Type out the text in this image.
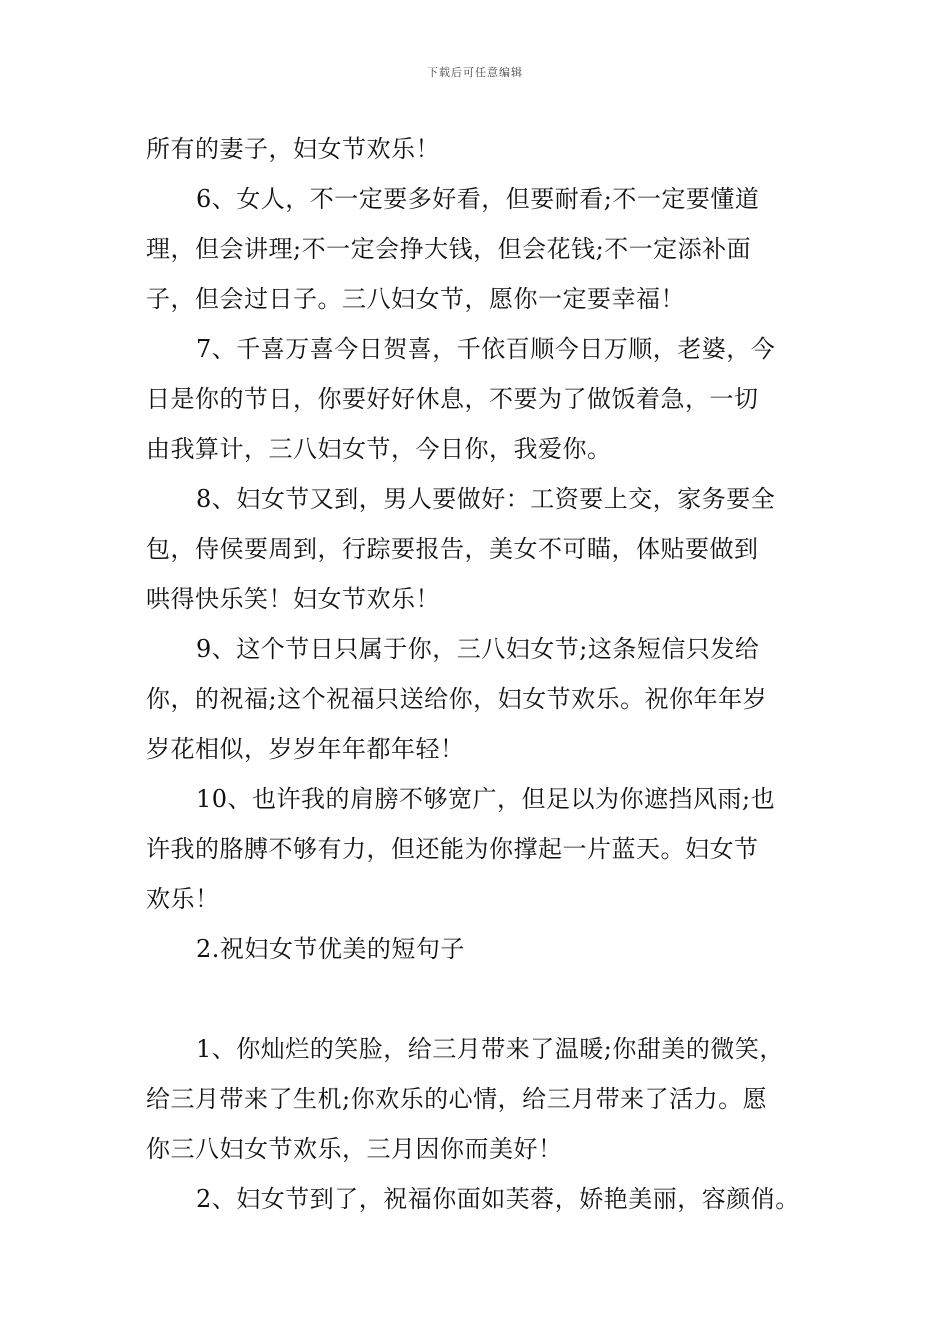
下载后可任意编辑
所有的妻子，妇女节欢乐！
6、女人，不一定要多好看，但要耐看;不一定要懂道
理，但会讲理;不一定会挣大钱，但会花钱;不一定添补面
子，但会过日子。三八妇女节，愿你一定要幸福！
7、千喜万喜今日贺喜，千依百顺今日万顺，老婆，今
日是你的节日，你要好好休息，不要为了做饭着急，一切
由我算计，三八妇女节，今日你，我爱你。
8、妇女节又到，男人要做好：工资要上交，家务要全
包，侍侯要周到，行踪要报告，美女不可瞄，体贴要做到
哄得快乐笑！妇女节欢乐！
9、这个节日只属于你，三八妇女节;这条短信只发给
你，的祝福;这个祝福只送给你，妇女节欢乐。祝你年年岁
岁花相似，岁岁年年都年轻！
10、也许我的肩膀不够宽广，但足以为你遮挡风雨;也
许我的胳膊不够有力，但还能为你撑起一片蓝天。妇女节
欢乐！
2.祝妇女节优美的短句子
1、你灿烂的笑脸，给三月带来了温暖;你甜美的微笑，
给三月带来了生机;你欢乐的心情，给三月带来了活力。愿
你三八妇女节欢乐，三月因你而美好！
2、妇女节到了，祝福你面如芙蓉，娇艳美丽，容颜俏。
